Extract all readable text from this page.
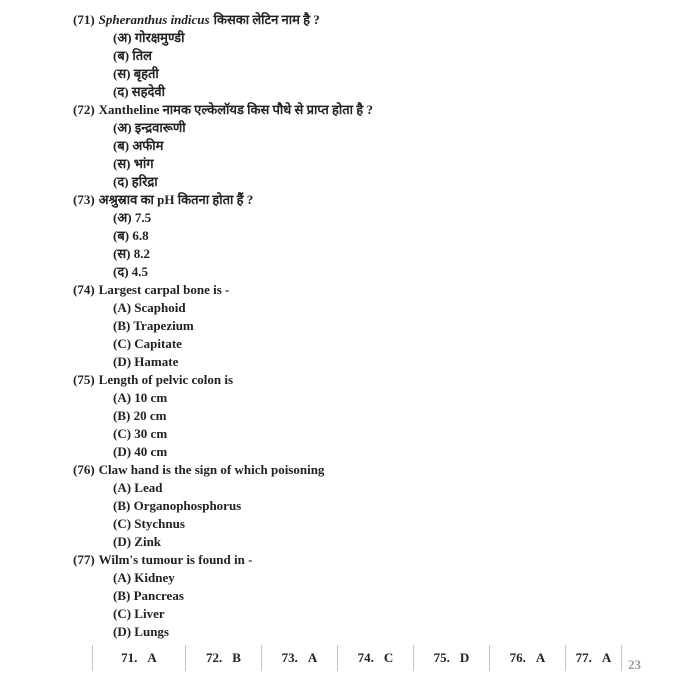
(71) Spheranthus indicus किसका लेटिन नाम है ?
(अ) गोरक्षमुण्डी
(ब) तिल
(स) बृहती
(द) सहदेवी
(72) Xantheline नामक एल्केलॉयड किस पौधे से प्राप्त होता है ?
(अ) इन्द्रवारूणी
(ब) अफीम
(स) भांग
(द) हरिद्रा
(73) अश्रुस्राव का pH कितना होता हैं ?
(अ) 7.5
(ब) 6.8
(स) 8.2
(द) 4.5
(74) Largest carpal bone is -
(A) Scaphoid
(B) Trapezium
(C) Capitate
(D) Hamate
(75) Length of pelvic colon is
(A) 10 cm
(B) 20 cm
(C) 30 cm
(D) 40 cm
(76) Claw hand is the sign of which poisoning
(A) Lead
(B) Organophosphorus
(C) Stychnus
(D) Zink
(77) Wilm's tumour is found in -
(A) Kidney
(B) Pancreas
(C) Liver
(D) Lungs
71. A	72. B	73. A	74. C	75. D	76. A 77. A 23
